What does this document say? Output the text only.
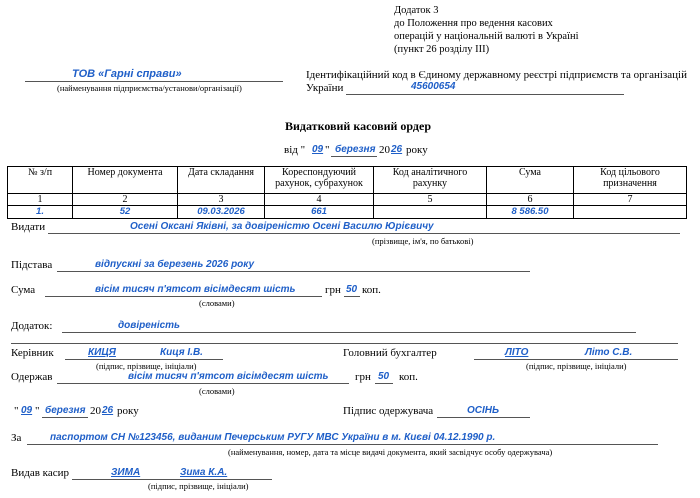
Додаток 3
до Положення про ведення касових
операцій у національній валюті в Україні
(пункт 26 розділу III)
ТОВ «Гарні справи»
(найменування підприємства/установи/організації)
Ідентифікаційний код в Єдиному державному реєстрі підприємств та організацій
України	45600654
Видатковий касовий ордер
від " 09 " березня 20 26 року
№ з/п	Номер документа	Дата складання	Кореспондуючий рахунок, субрахунок	Код аналітичного рахунку	Сума	Код цільового призначення
1	2	3	4	5	6	7
1.	52	09.03.2026	661		8 586.50	
Видати	Осені Оксані Яківні, за довіреністю Осені Василю Юрієвичу
(прізвище, ім'я, по батькові)
Підстава	відпускні за березень 2026 року
Сума	вісім тисяч п'ятсот вісімдесят шість	грн 50 коп.
(словами)
Додаток:	довіреність
Керівник	КИЦЯ	Киця І.В.
(підпис, прізвище, ініціали)
Головний бухгалтер	ЛІТО	Літо С.В.
(підпис, прізвище, ініціали)
Одержав	вісім тисяч п'ятсот вісімдесят шість грн 50 коп.
(словами)
" 09 " березня 20 26 року	Підпис одержувача	ОСІНЬ
За	паспортом СН №123456, виданим Печерським РУГУ МВС України в м. Києві 04.12.1990 р.
(найменування, номер, дата та місце видачі документа, який засвідчує особу одержувача)
Видав касир	ЗИМА	Зима К.А.
(підпис, прізвище, ініціали)
